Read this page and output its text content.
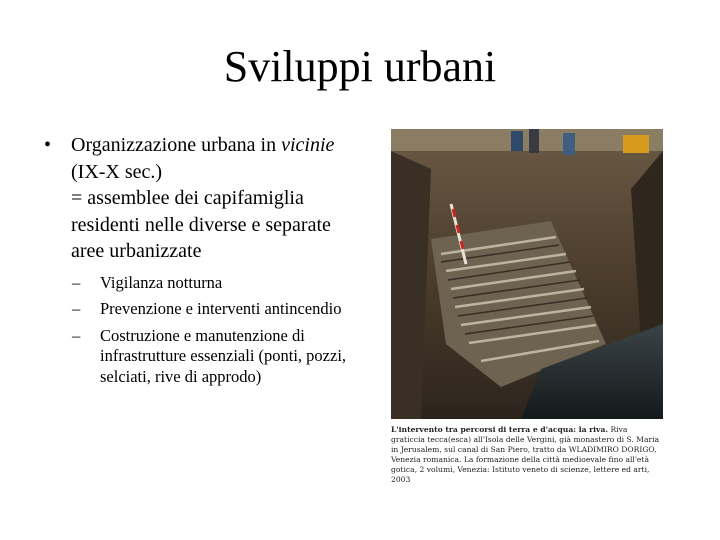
Sviluppi urbani
• Organizzazione urbana in vicinie (IX-X sec.)
= assemblee dei capifamiglia residenti nelle diverse e separate aree urbanizzate
–	Vigilanza notturna
–	Prevenzione e interventi antincendio
–	Costruzione e manutenzione di infrastrutture essenziali (ponti, pozzi, selciati, rive di approdo)
L'intervento tra percorsi di terra e d'acqua: la riva. Riva graticcia tecca(esca) all'Isola delle Vergini, già monastero di S. Maria in Jerusalem, sul canal di San Piero, tratto da WLADIMIRO DORIGO, Venezia romanica. La formazione della città medioevale fino all'età gotica, 2 volumi, Venezia: Istituto veneto di scienze, lettere ed arti, 2003
